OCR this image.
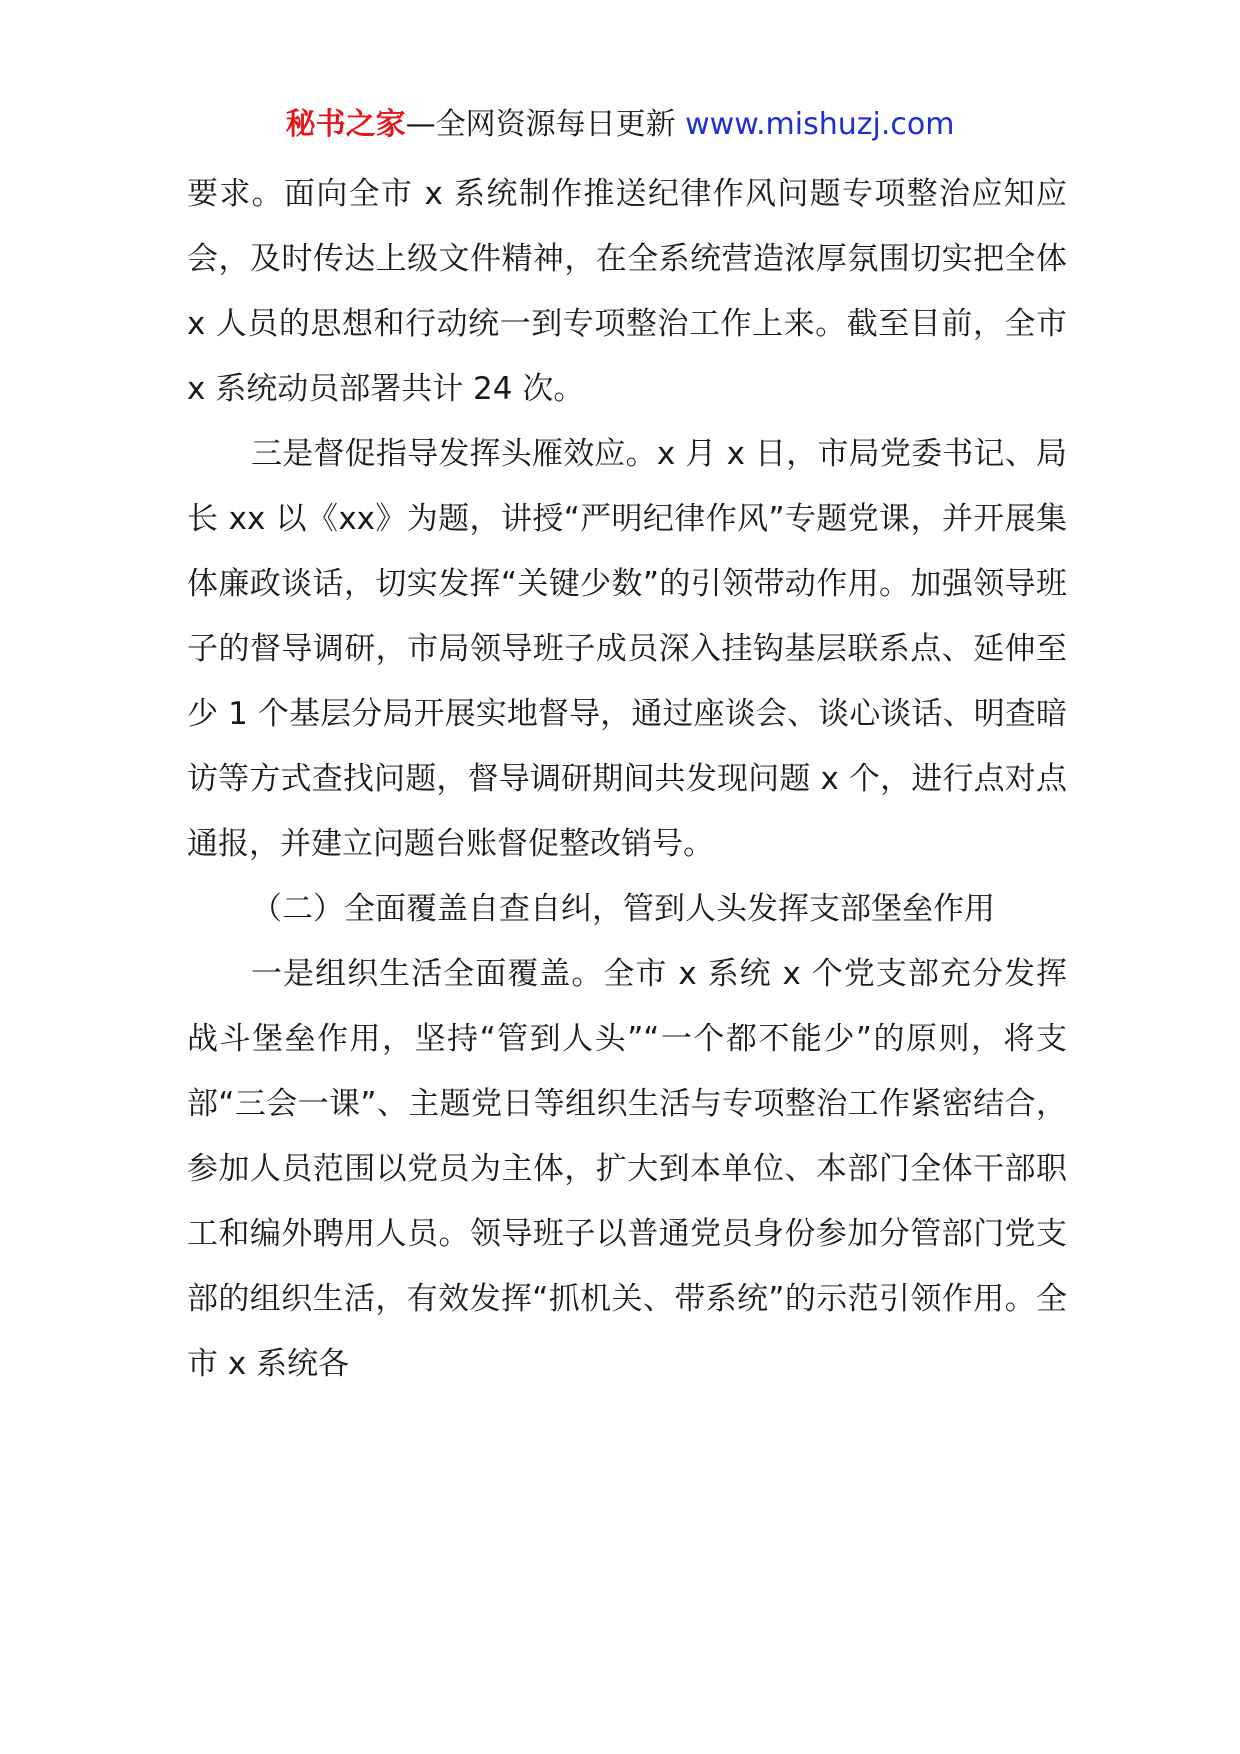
秘书之家—全网资源每日更新 www.mishuzj.com

要求。面向全市 x 系统制作推送纪律作风问题专项整治应知应会，及时传达上级文件精神，在全系统营造浓厚氛围切实把全体 x 人员的思想和行动统一到专项整治工作上来。截至目前，全市 x 系统动员部署共计 24 次。

三是督促指导发挥头雁效应。x 月 x 日，市局党委书记、局长 xx 以《xx》为题，讲授“严明纪律作风”专题党课，并开展集体廉政谈话，切实发挥“关键少数”的引领带动作用。加强领导班子的督导调研，市局领导班子成员深入挂钩基层联系点、延伸至少 1 个基层分局开展实地督导，通过座谈会、谈心谈话、明查暗访等方式查找问题，督导调研期间共发现问题 x 个，进行点对点通报，并建立问题台账督促整改销号。

（二）全面覆盖自查自纠，管到人头发挥支部堡垒作用

一是组织生活全面覆盖。全市 x 系统 x 个党支部充分发挥战斗堡垒作用，坚持“管到人头”“一个都不能少”的原则，将支部“三会一课”、主题党日等组织生活与专项整治工作紧密结合，参加人员范围以党员为主体，扩大到本单位、本部门全体干部职工和编外聘用人员。领导班子以普通党员身份参加分管部门党支部的组织生活，有效发挥“抓机关、带系统”的示范引领作用。全市 x 系统各
